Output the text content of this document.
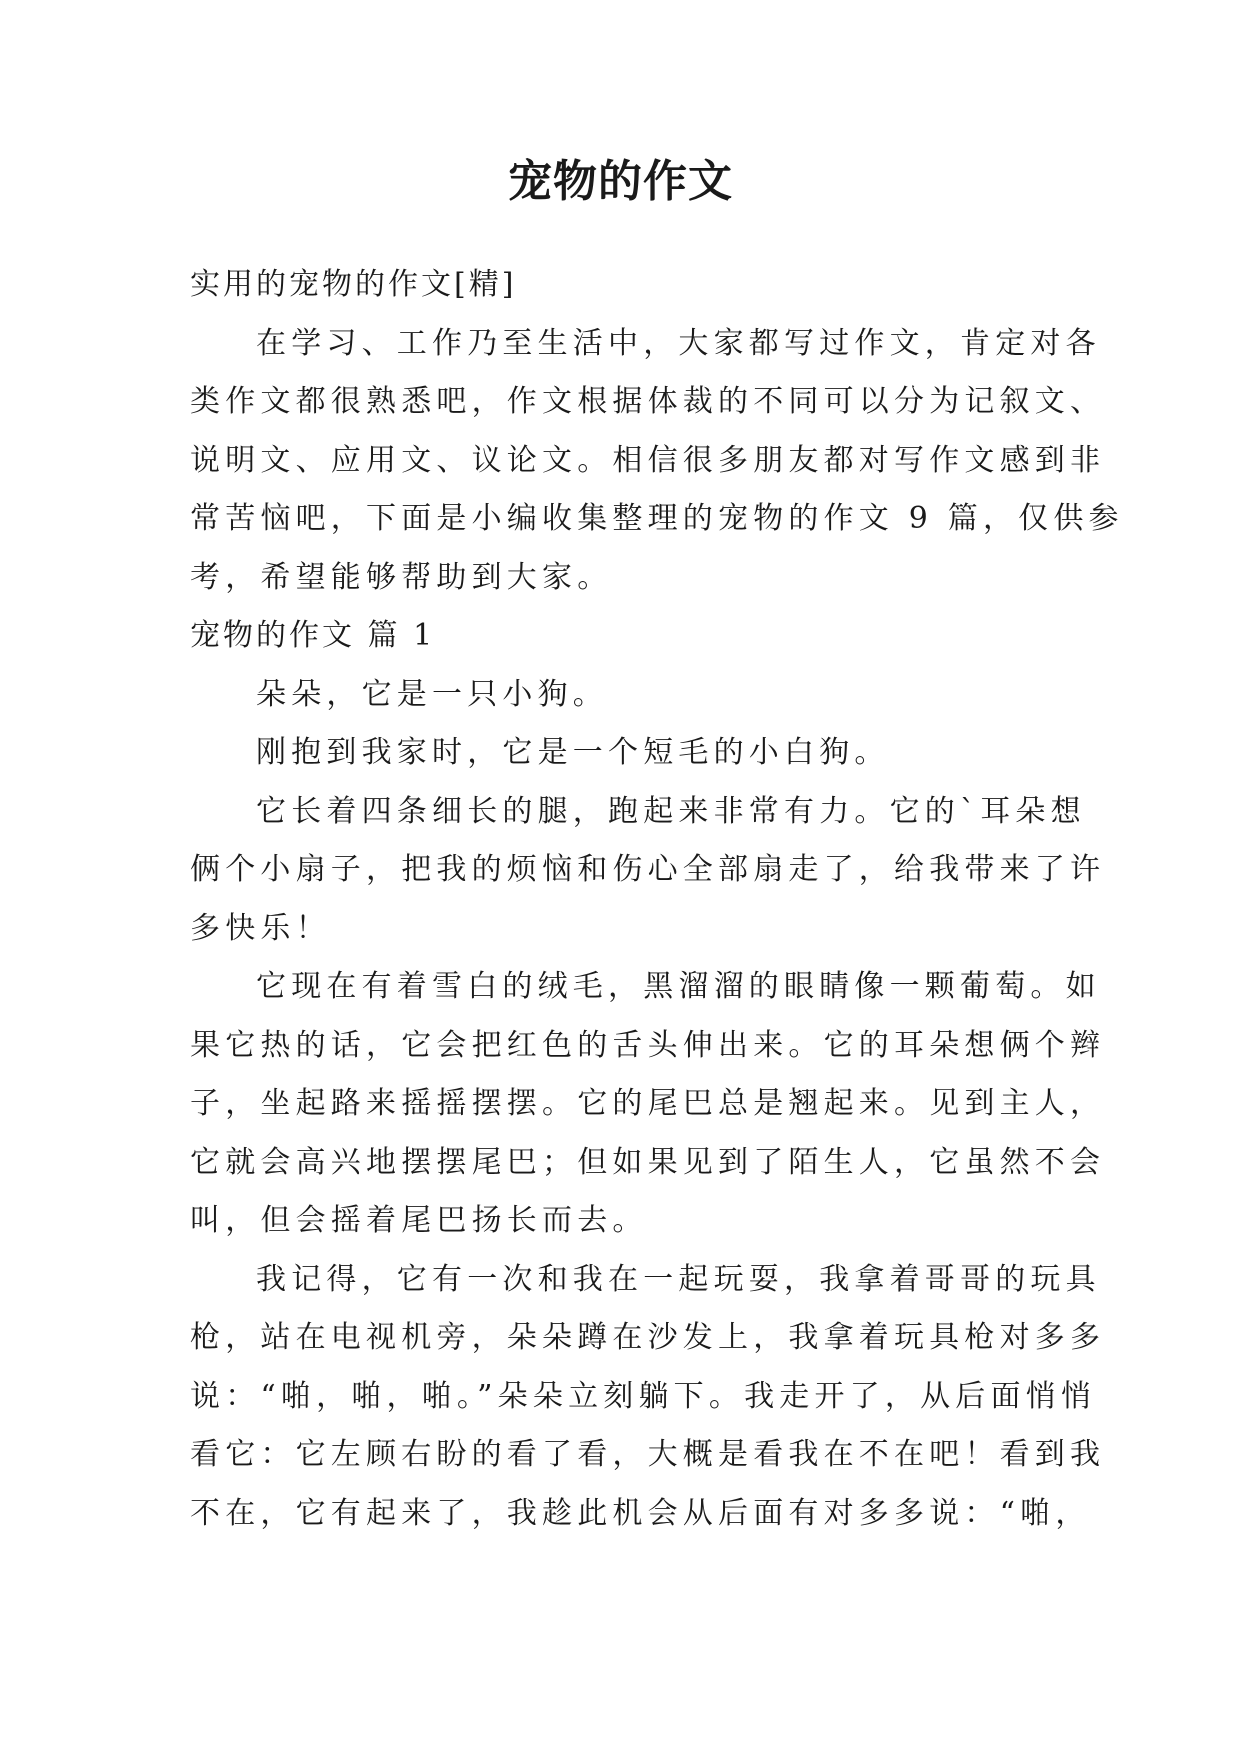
宠物的作文
实用的宠物的作文[精]
在学习、工作乃至生活中，大家都写过作文，肯定对各
类作文都很熟悉吧，作文根据体裁的不同可以分为记叙文、
说明文、应用文、议论文。相信很多朋友都对写作文感到非
常苦恼吧，下面是小编收集整理的宠物的作文 9 篇，仅供参
考，希望能够帮助到大家。
宠物的作文 篇 1
朵朵，它是一只小狗。
刚抱到我家时，它是一个短毛的小白狗。
它长着四条细长的腿，跑起来非常有力。它的`耳朵想
俩个小扇子，把我的烦恼和伤心全部扇走了，给我带来了许
多快乐！
它现在有着雪白的绒毛，黑溜溜的眼睛像一颗葡萄。如
果它热的话，它会把红色的舌头伸出来。它的耳朵想俩个辫
子，坐起路来摇摇摆摆。它的尾巴总是翘起来。见到主人，
它就会高兴地摆摆尾巴；但如果见到了陌生人，它虽然不会
叫，但会摇着尾巴扬长而去。
我记得，它有一次和我在一起玩耍，我拿着哥哥的玩具
枪，站在电视机旁，朵朵蹲在沙发上，我拿着玩具枪对多多
说：“啪，啪，啪。”朵朵立刻躺下。我走开了，从后面悄悄
看它：它左顾右盼的看了看，大概是看我在不在吧！看到我
不在，它有起来了，我趁此机会从后面有对多多说：“啪，
